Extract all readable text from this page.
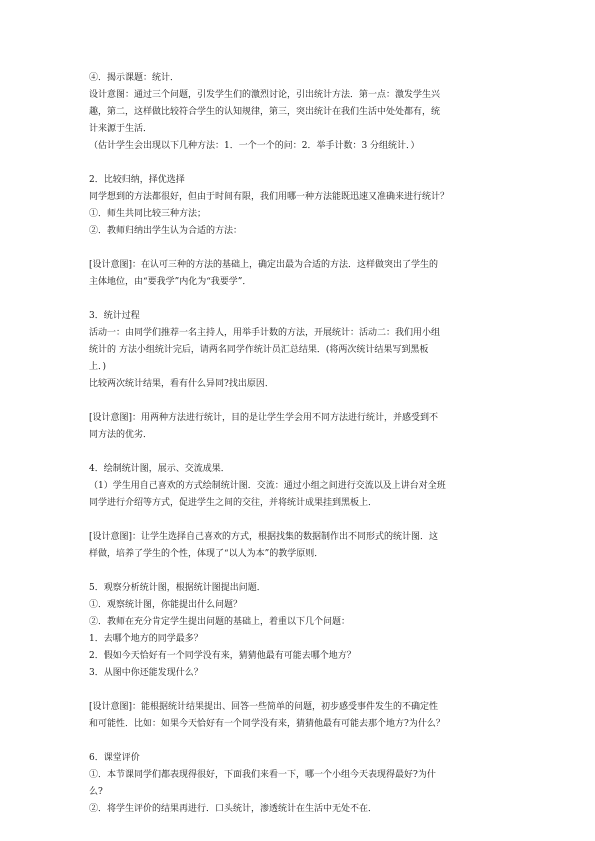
④．揭示课题：统计．
设计意图：通过三个问题，引发学生们的激烈讨论，引出统计方法．第一点：激发学生兴
趣，第二，这样做比较符合学生的认知规律，第三，突出统计在我们生活中处处都有，统
计来源于生活．
（估计学生会出现以下几种方法：1．一个一个的问：2．举手计数：3 分组统计．）
2．比较归纳，择优选择
同学想到的方法都很好，但由于时间有限，我们用哪一种方法能既迅速又准确来进行统计？
①．师生共同比较三种方法；
②．教师归纳出学生认为合适的方法：
[设计意图]：在认可三种的方法的基础上，确定出最为合适的方法．这样做突出了学生的
主体地位，由“要我学”内化为“我要学”．
3．统计过程
活动一：由同学们推荐一名主持人，用举手计数的方法，开展统计：活动二：我们用小组
统计的 方法小组统计完后，请两名同学作统计员汇总结果．(将两次统计结果写到黑板
上．)
比较两次统计结果，看有什么异同?找出原因．
[设计意图]：用两种方法进行统计，目的是让学生学会用不同方法进行统计，并感受到不
同方法的优劣．
4．绘制统计图，展示、交流成果．
（1）学生用自己喜欢的方式绘制统计图．交流：通过小组之间进行交流以及上讲台对全班
同学进行介绍等方式，促进学生之间的交往，并将统计成果挂到黑板上．
[设计意图]：让学生选择自己喜欢的方式，根据找集的数据制作出不同形式的统计图．这
样做，培养了学生的个性，体现了“以人为本”的教学原则．
5．观察分析统计图，根据统计图提出问题．
①．观察统计图，你能提出什么问题？
②．教师在充分肯定学生提出问题的基础上，着重以下几个问题：
1．去哪个地方的同学最多？
2．假如今天恰好有一个同学没有来，猜猜他最有可能去哪个地方？
3．从图中你还能发现什么？
[设计意图]：能根据统计结果提出、回答一些简单的问题，初步感受事件发生的不确定性
和可能性．比如：如果今天恰好有一个同学没有来，猜猜他最有可能去那个地方?为什么？
6．课堂评价
①．本节课同学们都表现得很好，下面我们来看一下，哪一个小组今天表现得最好?为什
么?
②．将学生评价的结果再进行．口头统计，渗透统计在生活中无处不在．
